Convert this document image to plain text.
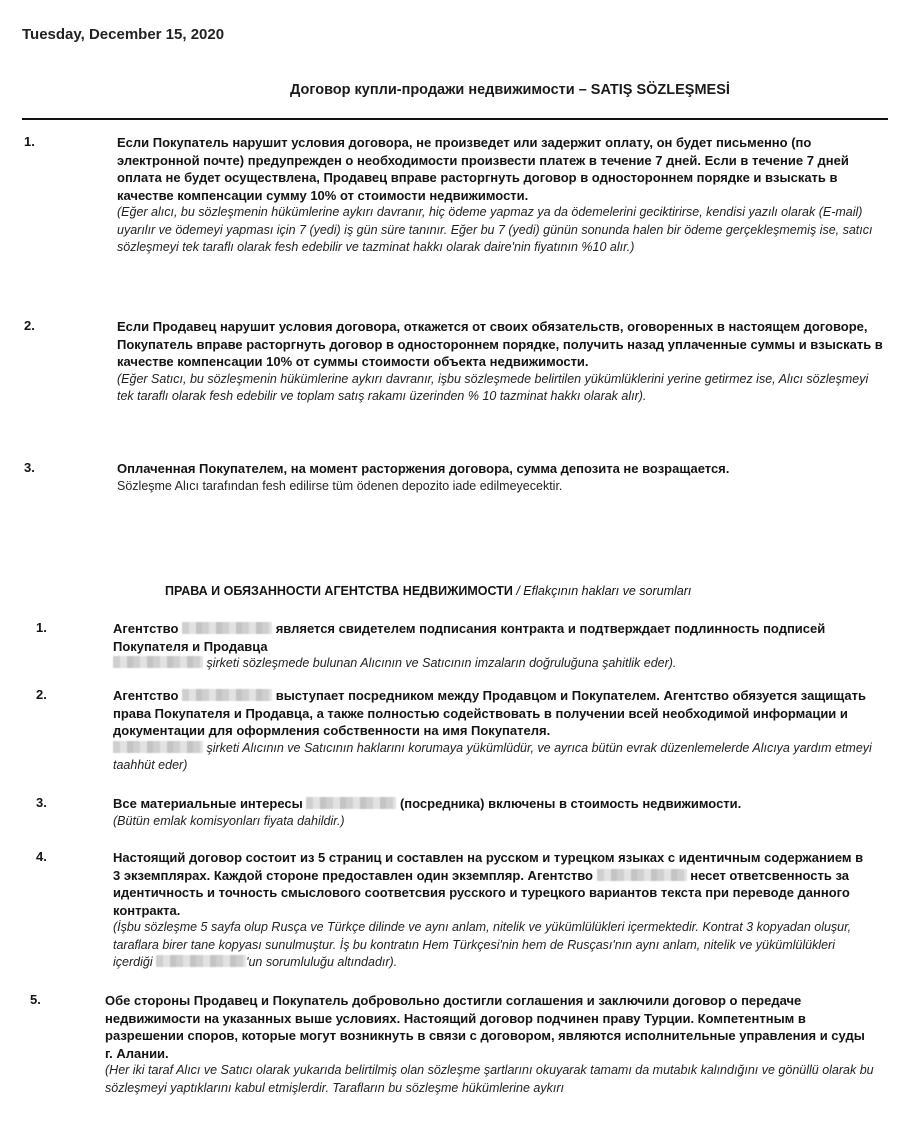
Tuesday, December 15, 2020
Договор купли-продажи недвижимости – SATIŞ SÖZLEŞMESİ
1.	Если Покупатель нарушит условия договора, не произведет или задержит оплату, он будет письменно (по электронной почте) предупрежден о необходимости произвести платеж в течение 7 дней. Если в течение 7 дней оплата не будет осуществлена, Продавец вправе расторгнуть договор в одностороннем порядке и взыскать в качестве компенсации сумму 10% от стоимости недвижимости.

(Eğer alıcı, bu sözleşmenin hükümlerine aykırı davranır, hiç ödeme yapmaz ya da ödemelerini geciktirirse, kendisi yazılı olarak (E-mail) uyarılır ve ödemeyi yapması için 7 (yedi) iş gün süre tanınır. Eğer bu 7 (yedi) günün sonunda halen bir ödeme gerçekleşmemiş ise, satıcı sözleşmeyi tek taraflı olarak fesh edebilir ve tazminat hakkı olarak daire'nin fiyatının %10 alır.)

2.	Если Продавец нарушит условия договора, откажется от своих обязательств, оговоренных в настоящем договоре, Покупатель вправе расторгнуть договор в одностороннем порядке, получить назад уплаченные суммы и взыскать в качестве компенсации 10% от суммы стоимости объекта недвижимости.

(Eğer Satıcı, bu sözleşmenin hükümlerine aykırı davranır, işbu sözleşmede belirtilen yükümlüklerini yerine getirmez ise, Alıcı sözleşmeyi tek taraflı olarak fesh edebilir ve toplam satış rakamı üzerinden % 10 tazminat hakkı olarak alır).

3.	Оплаченная Покупателем, на момент расторжения договора, сумма депозита не возращается.

Sözleşme Alıcı tarafından fesh edilirse tüm ödenen depozito iade edilmeyecektir.

ПРАВА И ОБЯЗАННОСТИ АГЕНТСТВА НЕДВИЖИМОСТИ / Eflakçının hakları ve sorumları
1.	Агентство	является свидетелем подписания контракта и подтверждает подлинность подписей Покупателя и Продавца

şirketi sözleşmede bulunan Alıcının ve Satıcının imzaların doğruluğuna şahitlik eder).

2.	Агентство	выступает посредником между Продавцом и Покупателем. Агентство обязуется защищать права Покупателя и Продавца, а также полностью содействовать в получении всей необходимой информации и документации для оформления собственности на имя Покупателя.

şirketi Alıcının ve Satıcının haklarını korumaya yükümlüdür, ve ayrıca bütün evrak düzenlemelerde Alıcıya yardım etmeyi taahhüt eder)

3.	Все материальные интересы	(посредника) включены в стоимость недвижимости.

(Bütün emlak komisyonları fiyata dahildir.)

4.	Настоящий договор состоит из 5 страниц и составлен на русском и турецком языках с идентичным содержанием в 3 экземплярах. Каждой стороне предоставлен один экземпляр. Агентство	несет ответсвенность за идентичность и точность смыслового соответсвия русского и турецкого вариантов текста при переводе данного контракта.

(İşbu sözleşme 5 sayfa olup Rusça ve Türkçe dilinde ve aynı anlam, nitelik ve yükümlülükleri içermektedir. Kontrat 3 kopyadan oluşur, taraflara birer tane kopyası sunulmuştur. İş bu kontratın Hem Türkçesi'nin hem de Rusçası'nın aynı anlam, nitelik ve yükümlülükleri içerdiği	'un sorumluluğu altındadır).

5.	Обе стороны Продавец и Покупатель добровольно достигли соглашения и заключили договор о передаче недвижимости на указанных выше условиях. Настоящий договор подчинен праву Турции. Компетентным в разрешении споров, которые могут возникнуть в связи с договором, являются исполнительные управления и суды г. Алании.

(Her iki taraf Alıcı ve Satıcı olarak yukarıda belirtilmiş olan sözleşme şartlarını okuyarak tamamı da mutabık kalındığını ve gönüllü olarak bu sözleşmeyi yaptıklarını kabul etmişlerdir. Tarafların bu sözleşme hükümlerine aykırı
